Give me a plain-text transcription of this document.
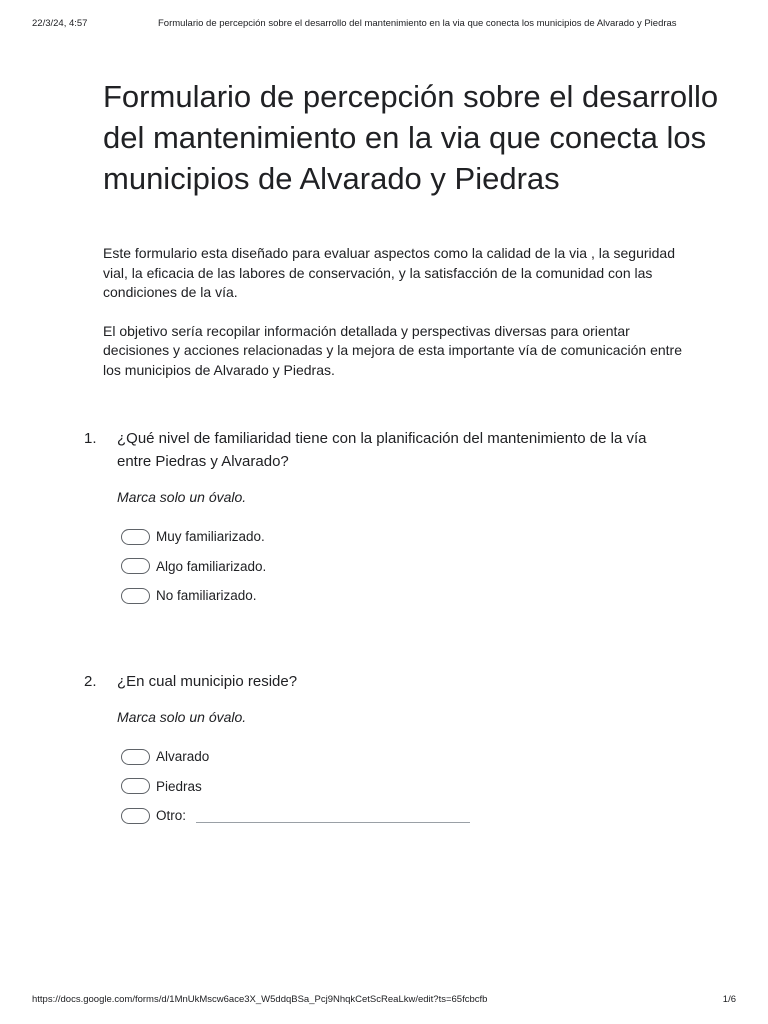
22/3/24, 4:57	Formulario de percepción sobre el desarrollo del mantenimiento en la via que conecta los municipios de Alvarado y Piedras
Formulario de percepción sobre el desarrollo del mantenimiento en la via que conecta los municipios de Alvarado y Piedras

Este formulario esta diseñado para evaluar aspectos como la calidad de la via , la seguridad vial, la eficacia de las labores de conservación, y la satisfacción de la comunidad con las condiciones de la vía.

El objetivo sería recopilar información detallada y perspectivas diversas para orientar decisiones y acciones relacionadas y la mejora de esta importante vía de comunicación entre los municipios de Alvarado y Piedras.

1. ¿Qué nivel de familiaridad tiene con la planificación del mantenimiento de la vía entre Piedras y Alvarado?
Marca solo un óvalo.
Muy familiarizado.
Algo familiarizado.
No familiarizado.
2. ¿En cual municipio reside?
Marca solo un óvalo.
Alvarado
Piedras
Otro:
https://docs.google.com/forms/d/1MnUkMscw6ace3X_W5ddqBSa_Pcj9NhqkCetScReaLkw/edit?ts=65fcbcfb	1/6
